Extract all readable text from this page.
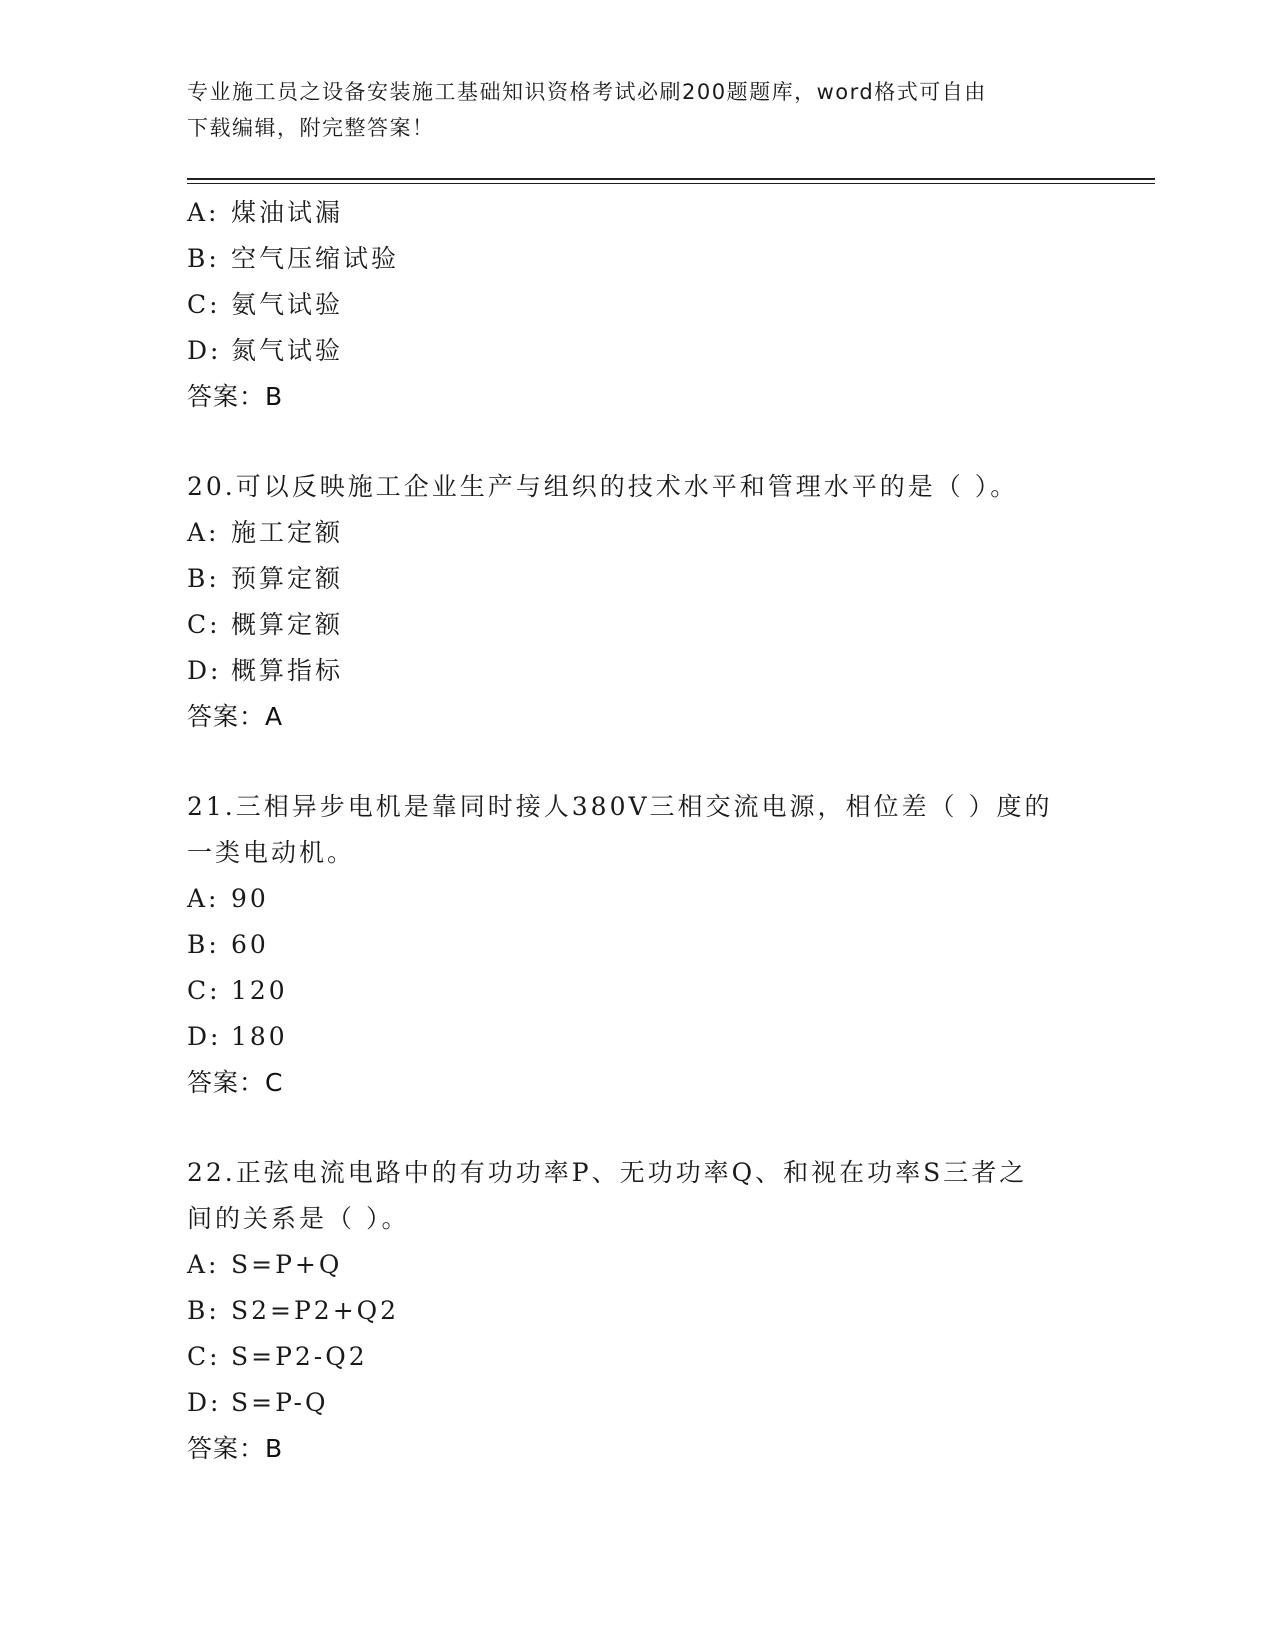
专业施工员之设备安装施工基础知识资格考试必刷200题题库，word格式可自由
下载编辑，附完整答案！
A: 煤油试漏
B: 空气压缩试验
C: 氨气试验
D: 氮气试验
答案：B
20.可以反映施工企业生产与组织的技术水平和管理水平的是（ ）。
A: 施工定额
B: 预算定额
C: 概算定额
D: 概算指标
答案：A
21.三相异步电机是靠同时接人380V三相交流电源，相位差（ ）度的
一类电动机。
A: 90
B: 60
C: 120
D: 180
答案：C
22.正弦电流电路中的有功功率P、无功功率Q、和视在功率S三者之
间的关系是（ ）。
A: S=P+Q
B: S2=P2+Q2
C: S=P2-Q2
D: S=P-Q
答案：B
